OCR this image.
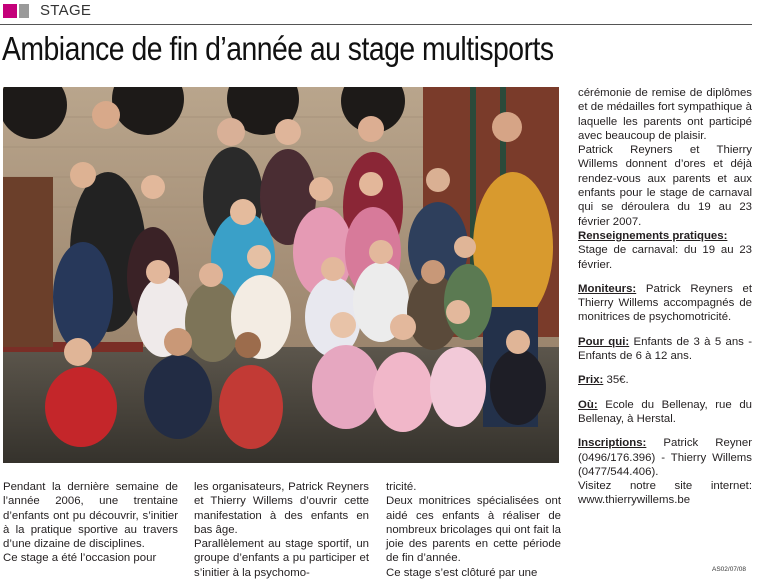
STAGE
Ambiance de fin d’année au stage multisports

Pendant la dernière semaine de l’année 2006, une trentaine d’enfants ont pu découvrir, s’initier à la pratique sportive au travers d’une dizaine de disciplines.

Ce stage a été l’occasion pour

les organisateurs, Patrick Reyners et Thierry Willems d’ouvrir cette manifestation à des enfants en bas âge.

Parallèlement au stage sportif, un groupe d’enfants a pu participer et s’initier à la psychomo-

tricité.

Deux monitrices spécialisées ont aidé ces enfants à réaliser de nombreux bricolages qui ont fait la joie des parents en cette période de fin d’année.

Ce stage s’est clôturé par une

cérémonie de remise de diplômes et de médailles fort sympathique à laquelle les parents ont participé avec beaucoup de plaisir.

Patrick Reyners et Thierry Willems donnent d’ores et déjà rendez-vous aux parents et aux enfants pour le stage de carnaval qui se déroulera du 19 au 23 février 2007.

Renseignements pratiques:

Stage de carnaval: du 19 au 23 février.

Moniteurs: Patrick Reyners et Thierry Willems accompagnés de monitrices de psychomotricité.

Pour qui: Enfants de 3 à 5 ans - Enfants de 6 à 12 ans.

Prix: 35€.

Où: Ecole du Bellenay, rue du Bellenay, à Herstal.

Inscriptions: Patrick Reyner (0496/176.396) - Thierry Willems (0477/544.406).

Visitez notre site internet: www.thierrywillems.be

AS02/07/08
